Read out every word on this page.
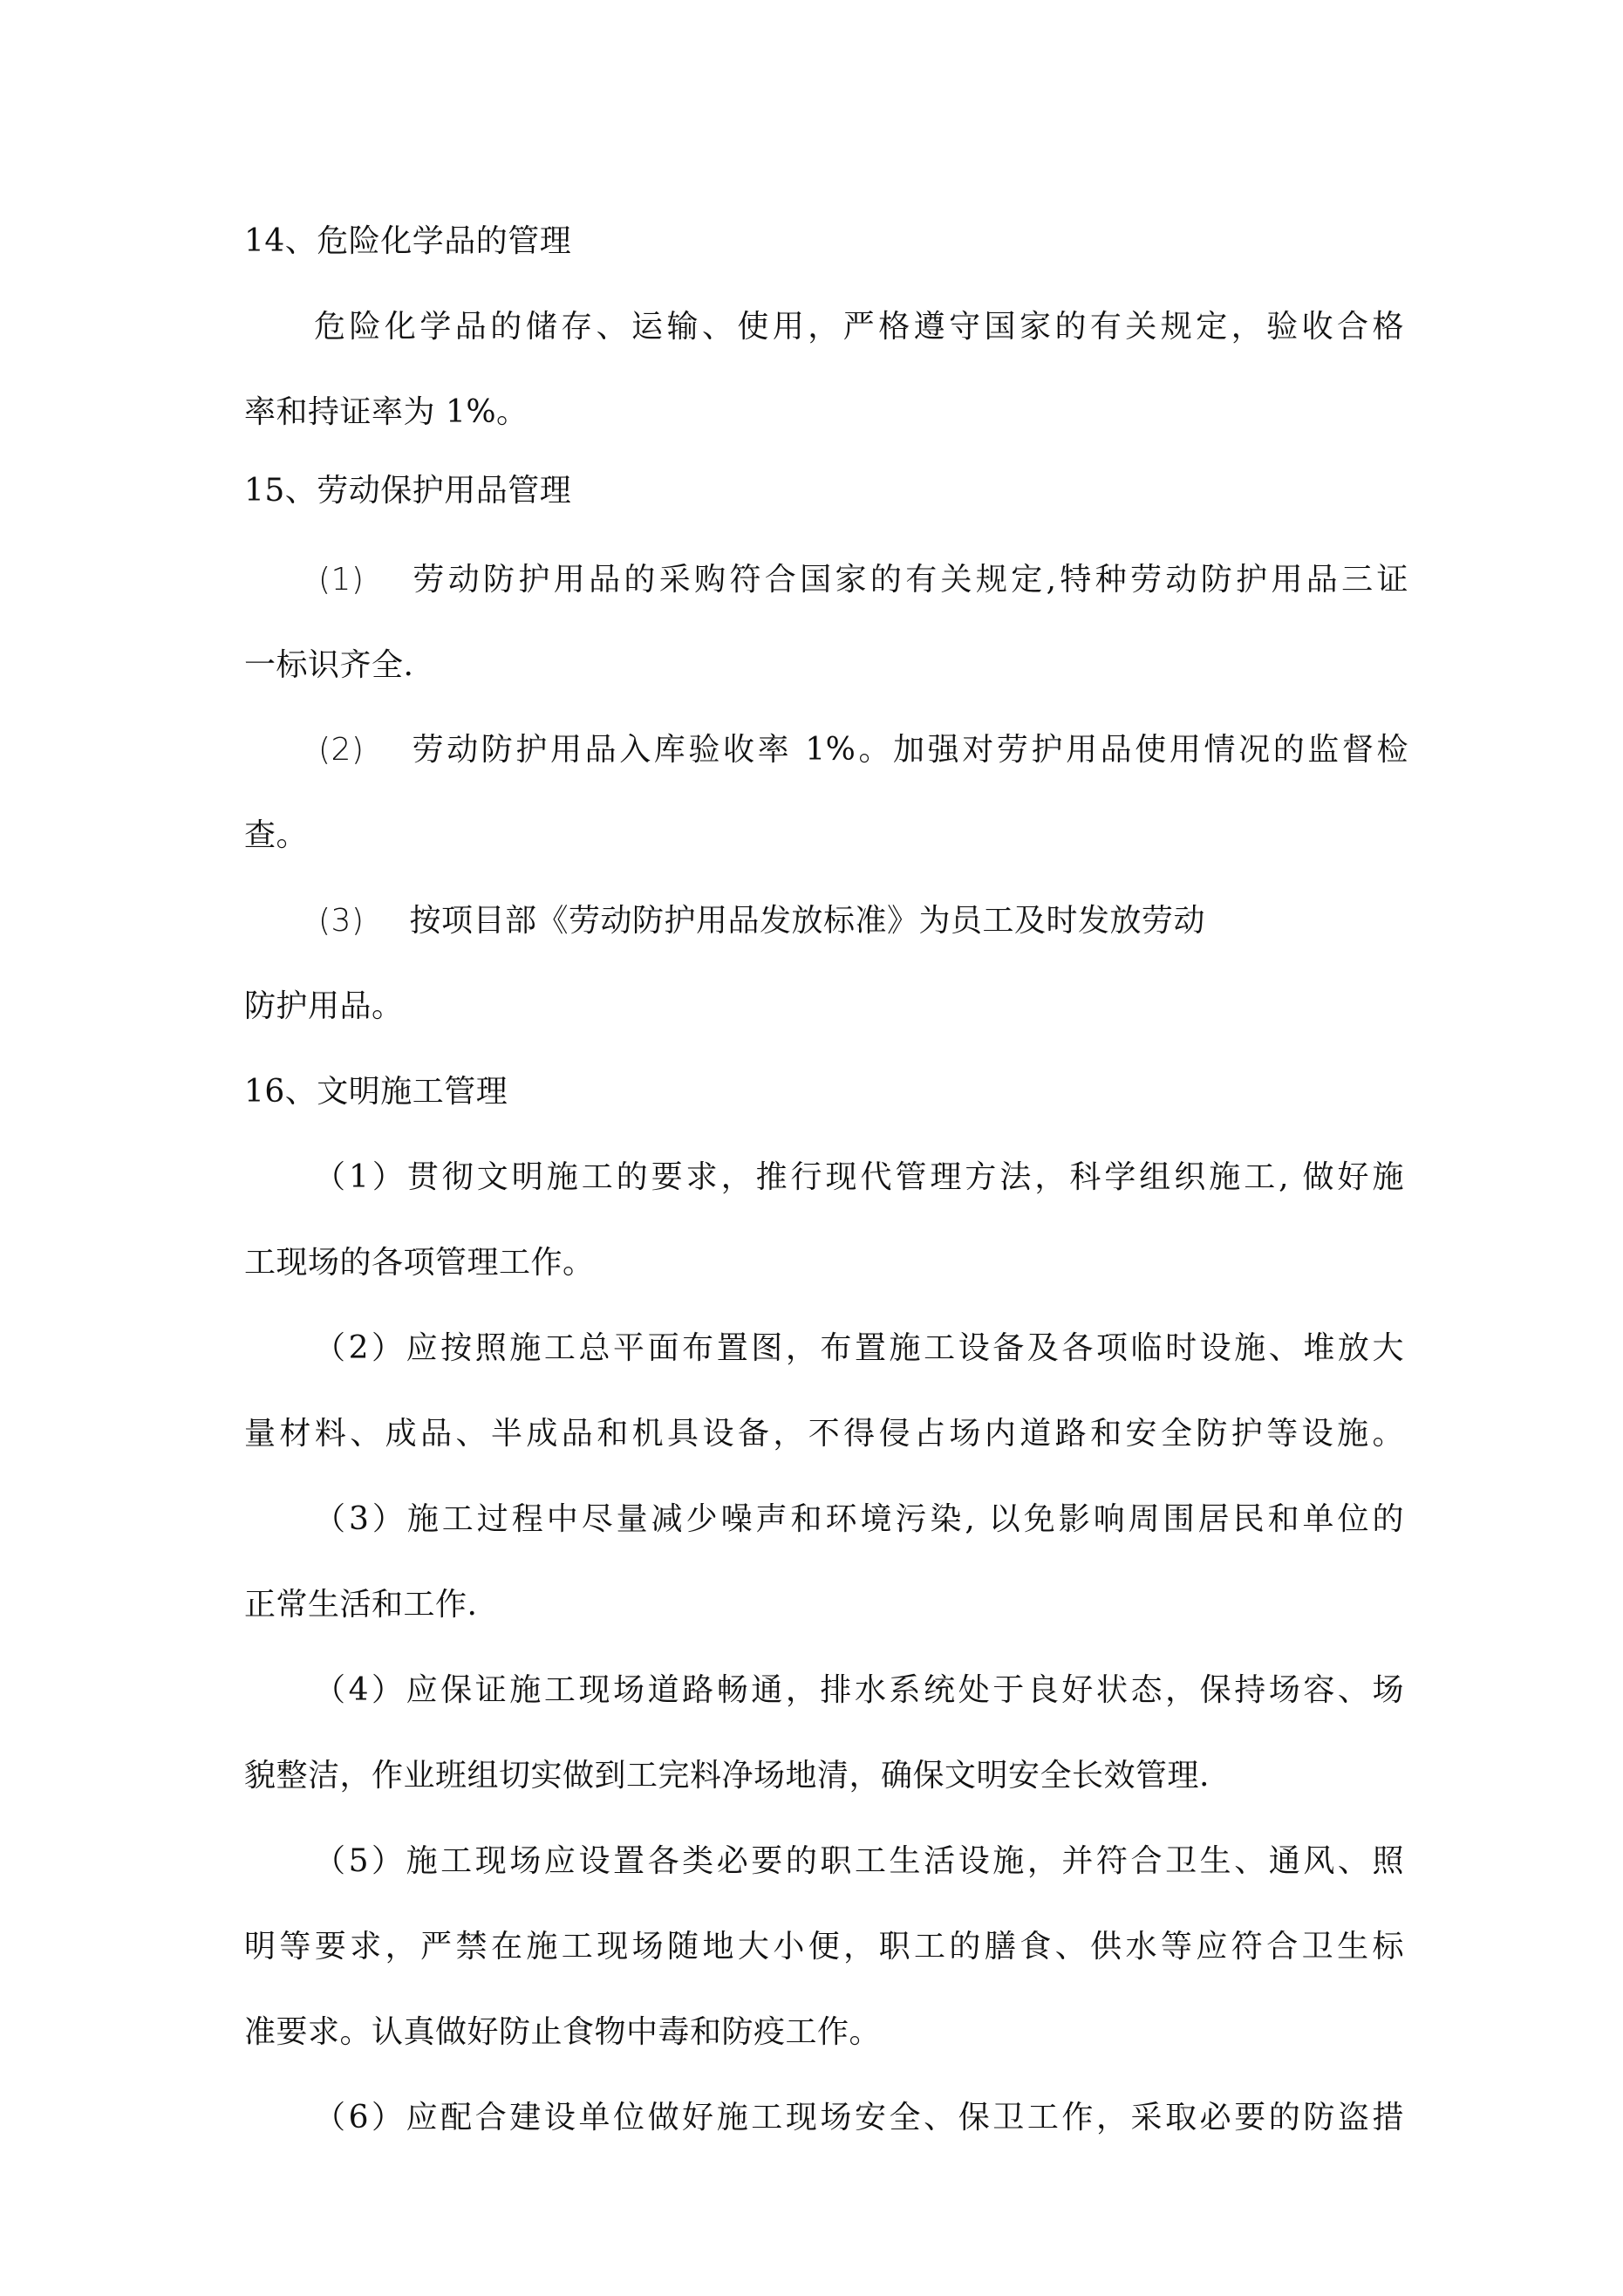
14、危险化学品的管理
危险化学品的储存、运输、使用，严格遵守国家的有关规定，验收合格
率和持证率为 1%。
15、劳动保护用品管理
(1) 劳动防护用品的采购符合国家的有关规定,特种劳动防护用品三证
一标识齐全.
(2) 劳动防护用品入库验收率 1%。加强对劳护用品使用情况的监督检
查。
(3) 按项目部《劳动防护用品发放标准》为员工及时发放劳动
防护用品。
16、文明施工管理
（1）贯彻文明施工的要求，推行现代管理方法，科学组织施工, 做好施
工现场的各项管理工作。
（2）应按照施工总平面布置图，布置施工设备及各项临时设施、堆放大
量材料、成品、半成品和机具设备，不得侵占场内道路和安全防护等设施。
（3）施工过程中尽量减少噪声和环境污染, 以免影响周围居民和单位的
正常生活和工作.
（4）应保证施工现场道路畅通，排水系统处于良好状态，保持场容、场
貌整洁，作业班组切实做到工完料净场地清，确保文明安全长效管理.
（5）施工现场应设置各类必要的职工生活设施，并符合卫生、通风、照
明等要求，严禁在施工现场随地大小便，职工的膳食、供水等应符合卫生标
准要求。认真做好防止食物中毒和防疫工作。
（6）应配合建设单位做好施工现场安全、保卫工作，采取必要的防盗措
